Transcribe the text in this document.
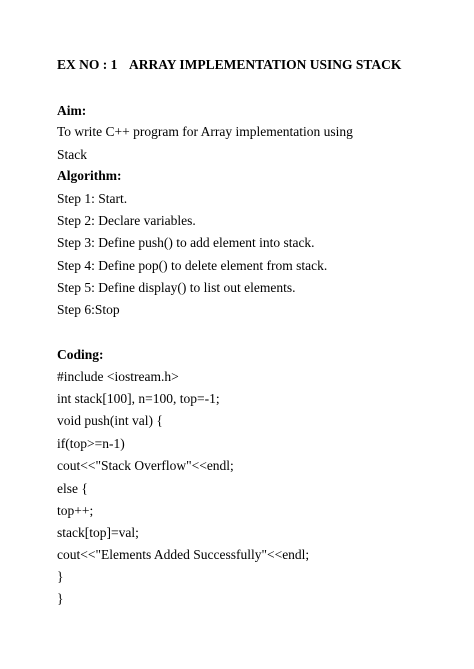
EX NO : 1 ARRAY IMPLEMENTATION USING STACK
Aim:
To write C++ program for Array implementation using
Stack
Algorithm:
Step 1: Start.
Step 2: Declare variables.
Step 3: Define push() to add element into stack.
Step 4: Define pop() to delete element from stack.
Step 5: Define display() to list out elements.
Step 6:Stop
Coding:
#include <iostream.h>
int stack[100], n=100, top=-1;
void push(int val) {
if(top>=n-1)
cout<<"Stack Overflow"<<endl;
else {
top++;
stack[top]=val;
cout<<"Elements Added Successfully"<<endl;
}
}
